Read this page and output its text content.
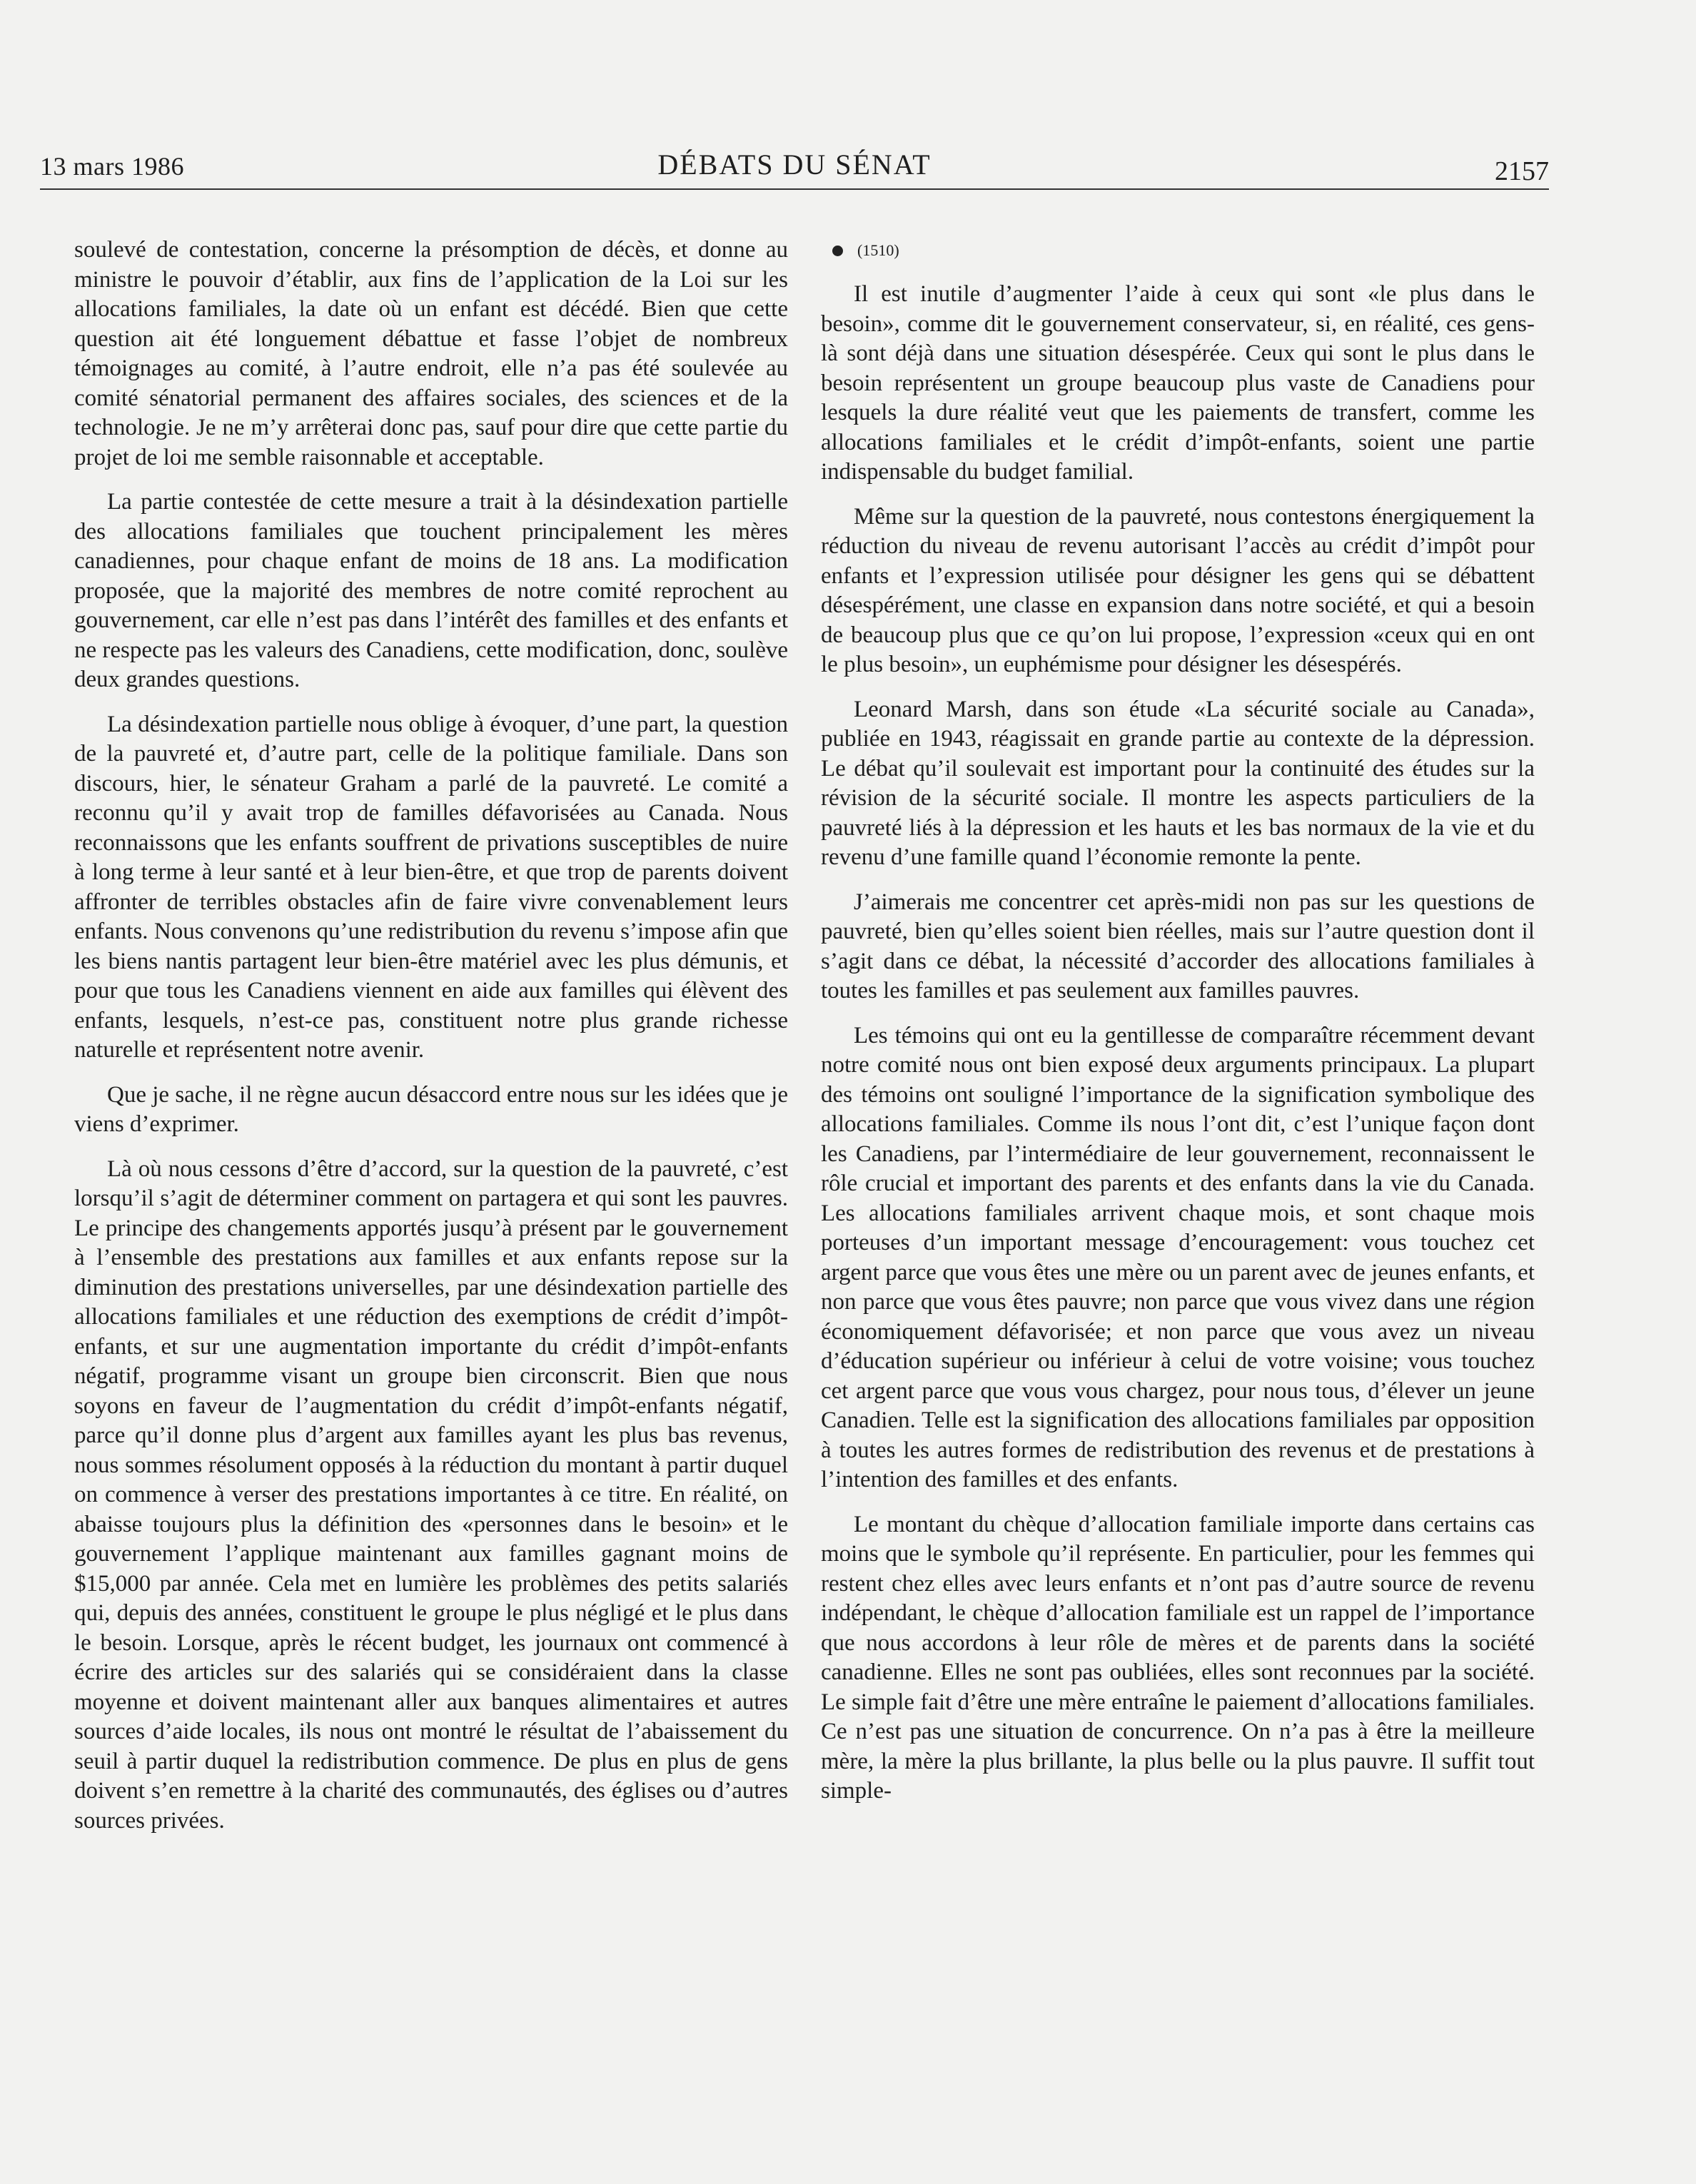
13 mars 1986	DÉBATS DU SÉNAT	2157

soulevé de contestation, concerne la présomption de décès, et donne au ministre le pouvoir d’établir, aux fins de l’application de la Loi sur les allocations familiales, la date où un enfant est décédé. Bien que cette question ait été longuement débattue et fasse l’objet de nombreux témoignages au comité, à l’autre endroit, elle n’a pas été soulevée au comité sénatorial permanent des affaires sociales, des sciences et de la technologie. Je ne m’y arrêterai donc pas, sauf pour dire que cette partie du projet de loi me semble raisonnable et acceptable.

La partie contestée de cette mesure a trait à la désindexation partielle des allocations familiales que touchent principalement les mères canadiennes, pour chaque enfant de moins de 18 ans. La modification proposée, que la majorité des membres de notre comité reprochent au gouvernement, car elle n’est pas dans l’intérêt des familles et des enfants et ne respecte pas les valeurs des Canadiens, cette modification, donc, soulève deux grandes questions.

La désindexation partielle nous oblige à évoquer, d’une part, la question de la pauvreté et, d’autre part, celle de la politique familiale. Dans son discours, hier, le sénateur Graham a parlé de la pauvreté. Le comité a reconnu qu’il y avait trop de familles défavorisées au Canada. Nous reconnaissons que les enfants souffrent de privations susceptibles de nuire à long terme à leur santé et à leur bien-être, et que trop de parents doivent affronter de terribles obstacles afin de faire vivre convenablement leurs enfants. Nous convenons qu’une redistribution du revenu s’impose afin que les biens nantis partagent leur bien-être matériel avec les plus démunis, et pour que tous les Canadiens viennent en aide aux familles qui élèvent des enfants, lesquels, n’est-ce pas, constituent notre plus grande richesse naturelle et représentent notre avenir.

Que je sache, il ne règne aucun désaccord entre nous sur les idées que je viens d’exprimer.

Là où nous cessons d’être d’accord, sur la question de la pauvreté, c’est lorsqu’il s’agit de déterminer comment on partagera et qui sont les pauvres. Le principe des changements apportés jusqu’à présent par le gouvernement à l’ensemble des prestations aux familles et aux enfants repose sur la diminution des prestations universelles, par une désindexation partielle des allocations familiales et une réduction des exemptions de crédit d’impôt-enfants, et sur une augmentation importante du crédit d’impôt-enfants négatif, programme visant un groupe bien circonscrit. Bien que nous soyons en faveur de l’augmentation du crédit d’impôt-enfants négatif, parce qu’il donne plus d’argent aux familles ayant les plus bas revenus, nous sommes résolument opposés à la réduction du montant à partir duquel on commence à verser des prestations importantes à ce titre. En réalité, on abaisse toujours plus la définition des «personnes dans le besoin» et le gouvernement l’applique maintenant aux familles gagnant moins de $15,000 par année. Cela met en lumière les problèmes des petits salariés qui, depuis des années, constituent le groupe le plus négligé et le plus dans le besoin. Lorsque, après le récent budget, les journaux ont commencé à écrire des articles sur des salariés qui se considéraient dans la classe moyenne et doivent maintenant aller aux banques alimentaires et autres sources d’aide locales, ils nous ont montré le résultat de l’abaissement du seuil à partir duquel la redistribution commence. De plus en plus de gens doivent s’en remettre à la charité des communautés, des églises ou d’autres sources privées.

(1510)

Il est inutile d’augmenter l’aide à ceux qui sont «le plus dans le besoin», comme dit le gouvernement conservateur, si, en réalité, ces gens-là sont déjà dans une situation désespérée. Ceux qui sont le plus dans le besoin représentent un groupe beaucoup plus vaste de Canadiens pour lesquels la dure réalité veut que les paiements de transfert, comme les allocations familiales et le crédit d’impôt-enfants, soient une partie indispensable du budget familial.

Même sur la question de la pauvreté, nous contestons énergiquement la réduction du niveau de revenu autorisant l’accès au crédit d’impôt pour enfants et l’expression utilisée pour désigner les gens qui se débattent désespérément, une classe en expansion dans notre société, et qui a besoin de beaucoup plus que ce qu’on lui propose, l’expression «ceux qui en ont le plus besoin», un euphémisme pour désigner les désespérés.

Leonard Marsh, dans son étude «La sécurité sociale au Canada», publiée en 1943, réagissait en grande partie au contexte de la dépression. Le débat qu’il soulevait est important pour la continuité des études sur la révision de la sécurité sociale. Il montre les aspects particuliers de la pauvreté liés à la dépression et les hauts et les bas normaux de la vie et du revenu d’une famille quand l’économie remonte la pente.

J’aimerais me concentrer cet après-midi non pas sur les questions de pauvreté, bien qu’elles soient bien réelles, mais sur l’autre question dont il s’agit dans ce débat, la nécessité d’accorder des allocations familiales à toutes les familles et pas seulement aux familles pauvres.

Les témoins qui ont eu la gentillesse de comparaître récemment devant notre comité nous ont bien exposé deux arguments principaux. La plupart des témoins ont souligné l’importance de la signification symbolique des allocations familiales. Comme ils nous l’ont dit, c’est l’unique façon dont les Canadiens, par l’intermédiaire de leur gouvernement, reconnaissent le rôle crucial et important des parents et des enfants dans la vie du Canada. Les allocations familiales arrivent chaque mois, et sont chaque mois porteuses d’un important message d’encouragement: vous touchez cet argent parce que vous êtes une mère ou un parent avec de jeunes enfants, et non parce que vous êtes pauvre; non parce que vous vivez dans une région économiquement défavorisée; et non parce que vous avez un niveau d’éducation supérieur ou inférieur à celui de votre voisine; vous touchez cet argent parce que vous vous chargez, pour nous tous, d’élever un jeune Canadien. Telle est la signification des allocations familiales par opposition à toutes les autres formes de redistribution des revenus et de prestations à l’intention des familles et des enfants.

Le montant du chèque d’allocation familiale importe dans certains cas moins que le symbole qu’il représente. En particulier, pour les femmes qui restent chez elles avec leurs enfants et n’ont pas d’autre source de revenu indépendant, le chèque d’allocation familiale est un rappel de l’importance que nous accordons à leur rôle de mères et de parents dans la société canadienne. Elles ne sont pas oubliées, elles sont reconnues par la société. Le simple fait d’être une mère entraîne le paiement d’allocations familiales. Ce n’est pas une situation de concurrence. On n’a pas à être la meilleure mère, la mère la plus brillante, la plus belle ou la plus pauvre. Il suffit tout simple-
